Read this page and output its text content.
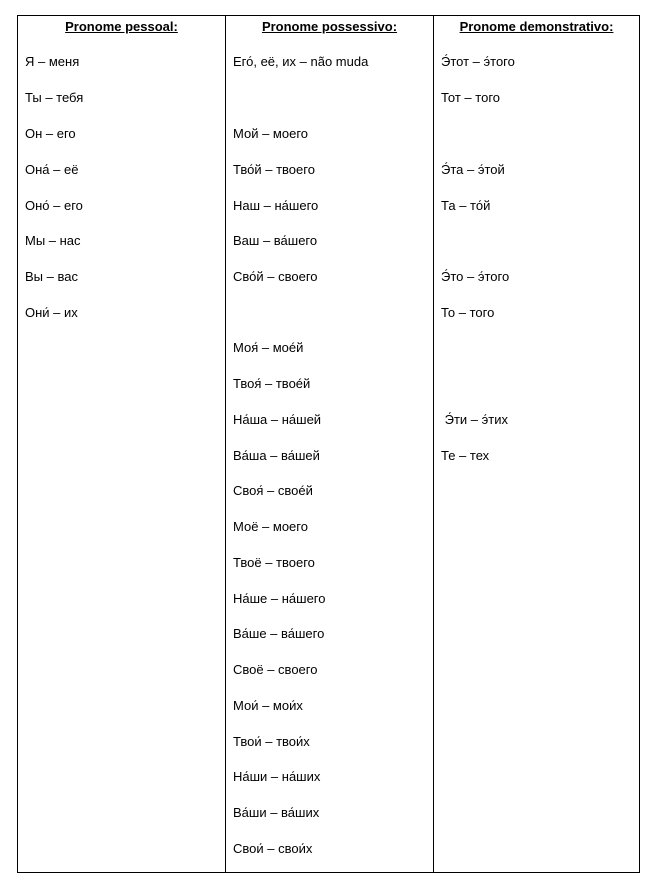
Pronome pessoal:
Я – меня
Ты – тебя
Он – его
Она́ – её
Оно́ – его
Мы – нас
Вы – вас
Они́ – их
Pronome possessivo:
Его́, её, их – não muda
Мой – моего
Тво́й – твоего
Наш – на́шего
Ваш – ва́шего
Сво́й – своего
Моя́ – моéй
Твоя́ – твоéй
На́ша – на́шей
Ва́ша – ва́шей
Своя́ – своéй
Моё – моего
Твоё – твоего
На́ше – на́шего
Ва́ше – ва́шего
Своё – своего
Мои́ – мои́х
Твои́ – твои́х
На́ши – на́ших
Ва́ши – ва́ших
Свои́ – свои́х
Pronome demonstrativo:
Э́тот – э́того
Тот – того
Э́та – э́той
Та – то́й
Э́то – э́того
То – того
Э́ти – э́тих
Те – тех
